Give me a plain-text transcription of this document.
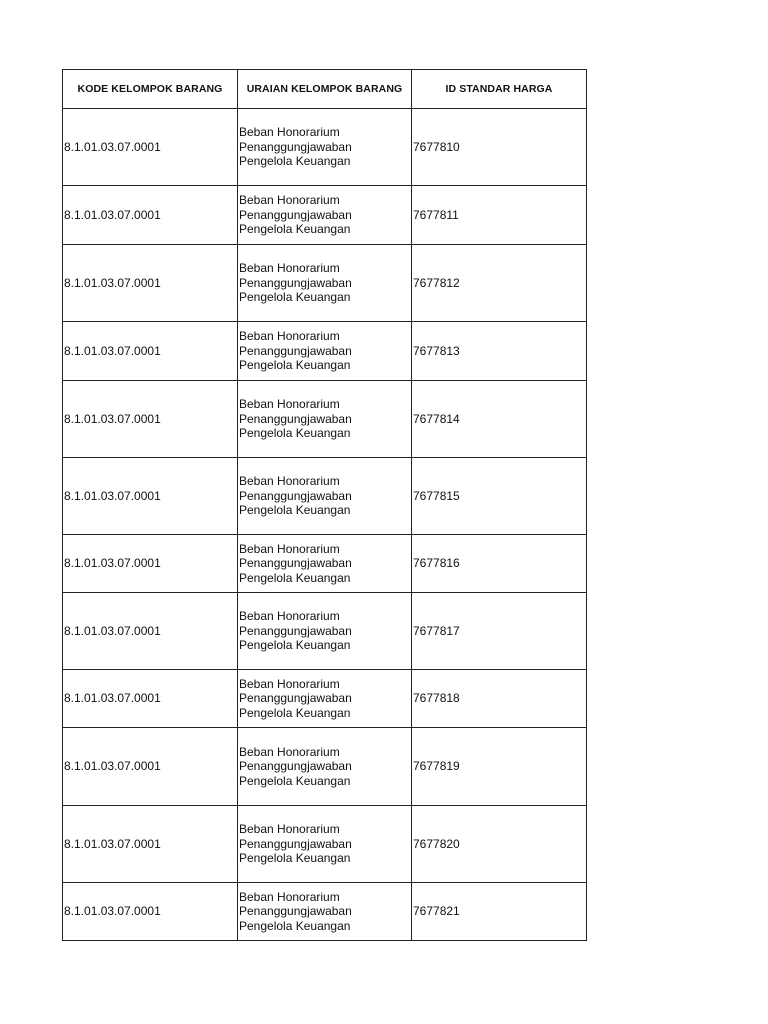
KODE KELOMPOK BARANG	URAIAN KELOMPOK BARANG	ID STANDAR HARGA
8.1.01.03.07.0001	Beban Honorarium
Penanggungjawaban
Pengelola Keuangan	7677810
8.1.01.03.07.0001	Beban Honorarium
Penanggungjawaban
Pengelola Keuangan	7677811
8.1.01.03.07.0001	Beban Honorarium
Penanggungjawaban
Pengelola Keuangan	7677812
8.1.01.03.07.0001	Beban Honorarium
Penanggungjawaban
Pengelola Keuangan	7677813
8.1.01.03.07.0001	Beban Honorarium
Penanggungjawaban
Pengelola Keuangan	7677814
8.1.01.03.07.0001	Beban Honorarium
Penanggungjawaban
Pengelola Keuangan	7677815
8.1.01.03.07.0001	Beban Honorarium
Penanggungjawaban
Pengelola Keuangan	7677816
8.1.01.03.07.0001	Beban Honorarium
Penanggungjawaban
Pengelola Keuangan	7677817
8.1.01.03.07.0001	Beban Honorarium
Penanggungjawaban
Pengelola Keuangan	7677818
8.1.01.03.07.0001	Beban Honorarium
Penanggungjawaban
Pengelola Keuangan	7677819
8.1.01.03.07.0001	Beban Honorarium
Penanggungjawaban
Pengelola Keuangan	7677820
8.1.01.03.07.0001	Beban Honorarium
Penanggungjawaban
Pengelola Keuangan	7677821
